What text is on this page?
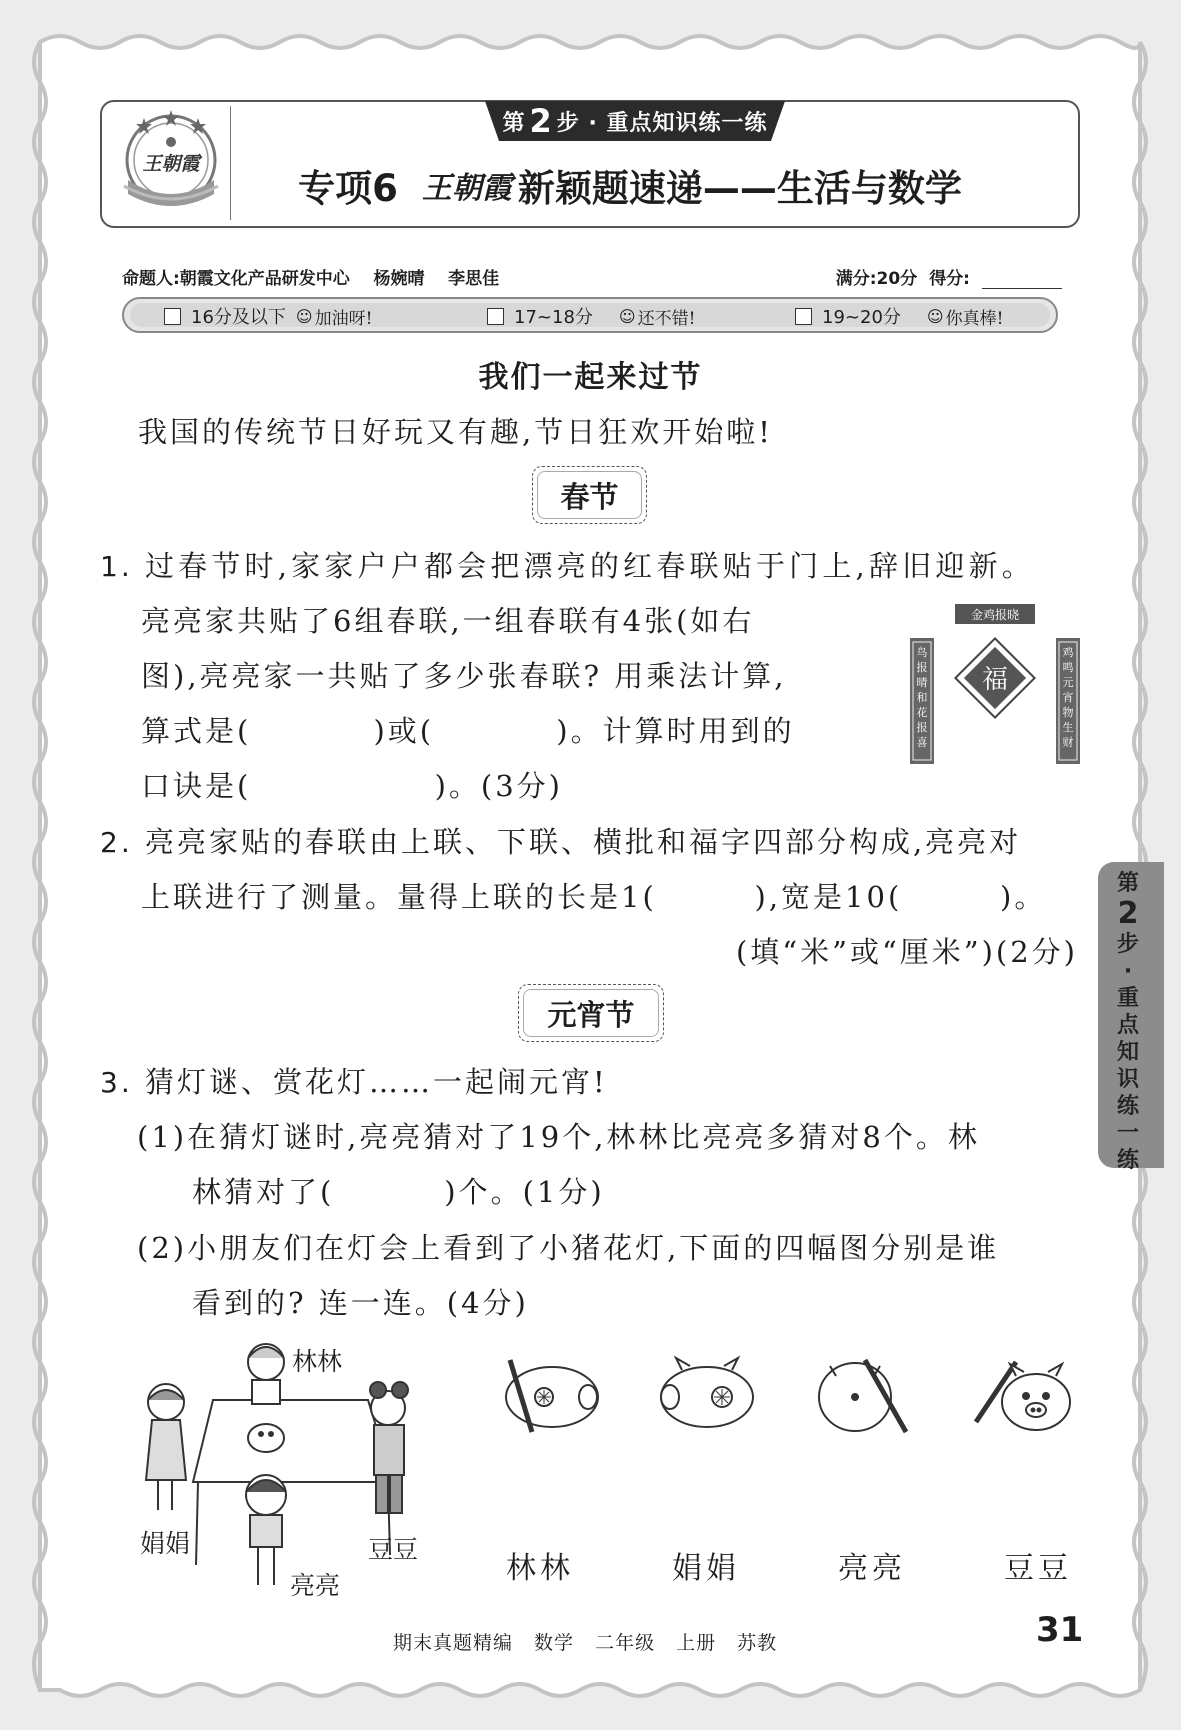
王朝霞
第 2 步 · 重点知识练一练
专项6 王朝霞 新颖题速递——生活与数学
命题人:朝霞文化产品研发中心    杨婉晴    李思佳	满分:20分 得分:
16分及以下 ☺ 加油呀!	17~18分 ☺ 还不错!	19~20分 ☺ 你真棒!
我们一起来过节
我国的传统节日好玩又有趣,节日狂欢开始啦!
春节
1. 过春节时,家家户户都会把漂亮的红春联贴于门上,辞旧迎新。
亮亮家共贴了6组春联,一组春联有4张(如右
图),亮亮家一共贴了多少张春联? 用乘法计算,
算式是(          )或(          )。计算时用到的
口诀是(               )。(3分)
金鸡报晓
鸟
报
晴
和
花
报
喜
鸡
鸣
元
宵
物
生
财
福
2. 亮亮家贴的春联由上联、下联、横批和福字四部分构成,亮亮对
上联进行了测量。量得上联的长是1(        ),宽是10(        )。
(填“米”或“厘米”)(2分)
元宵节
3. 猜灯谜、赏花灯……一起闹元宵!
(1)在猜灯谜时,亮亮猜对了19个,林林比亮亮多猜对8个。林
林猜对了(         )个。(1分)
(2)小朋友们在灯会上看到了小猪花灯,下面的四幅图分别是谁
看到的? 连一连。(4分)
林林
娟娟
亮亮
豆豆
林林	娟娟	亮亮	豆豆
第
2
步
·
重
点
知
识
练
一
练
期末真题精编 数学 二年级 上册 苏教	31
